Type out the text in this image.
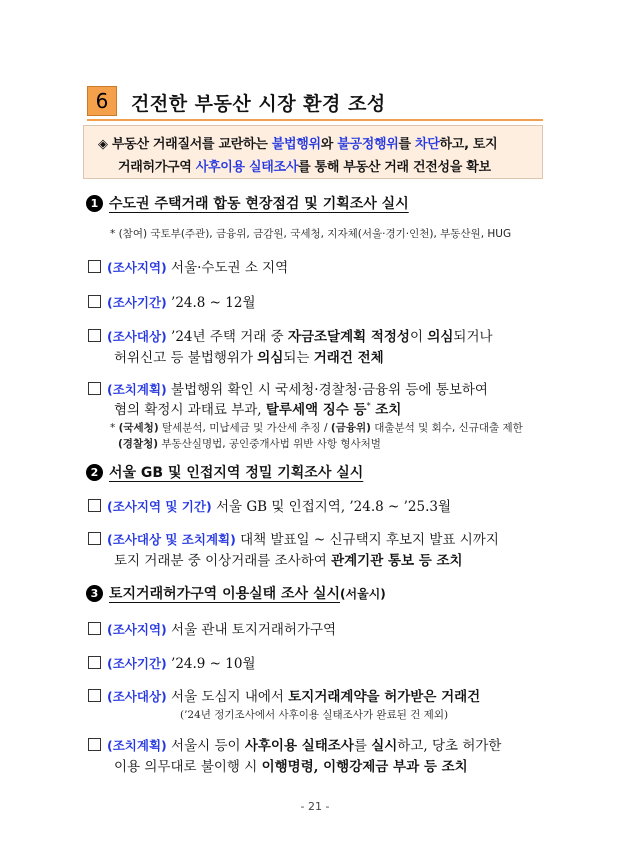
6	건전한 부동산 시장 환경 조성
◈ 부동산 거래질서를 교란하는 불법행위와 불공정행위를 차단하고, 토지
거래허가구역 사후이용 실태조사를 통해 부동산 거래 건전성을 확보
1 수도권 주택거래 합동 현장점검 및 기획조사 실시
* (참여) 국토부(주관), 금융위, 금감원, 국세청, 지자체(서울·경기·인천), 부동산원, HUG
(조사지역) 서울·수도권 소 지역
(조사기간) ’24.8 ~ 12월
(조사대상) ’24년 주택 거래 중 자금조달계획 적정성이 의심되거나
허위신고 등 불법행위가 의심되는 거래건 전체
(조치계획) 불법행위 확인 시 국세청·경찰청·금융위 등에 통보하여
혐의 확정시 과태료 부과, 탈루세액 징수 등* 조치
* (국세청) 탈세분석, 미납세금 및 가산세 추징 / (금융위) 대출분석 및 회수, 신규대출 제한
(경찰청) 부동산실명법, 공인중개사법 위반 사항 형사처벌
2 서울 GB 및 인접지역 정밀 기획조사 실시
(조사지역 및 기간) 서울 GB 및 인접지역, ’24.8 ~ ’25.3월
(조사대상 및 조치계획) 대책 발표일 ~ 신규택지 후보지 발표 시까지
토지 거래분 중 이상거래를 조사하여 관계기관 통보 등 조치
3 토지거래허가구역 이용실태 조사 실시(서울시)
(조사지역) 서울 관내 토지거래허가구역
(조사기간) ’24.9 ~ 10월
(조사대상) 서울 도심지 내에서 토지거래계약을 허가받은 거래건
(’24년 정기조사에서 사후이용 실태조사가 완료된 건 제외)
(조치계획) 서울시 등이 사후이용 실태조사를 실시하고, 당초 허가한
이용 의무대로 불이행 시 이행명령, 이행강제금 부과 등 조치
- 21 -
